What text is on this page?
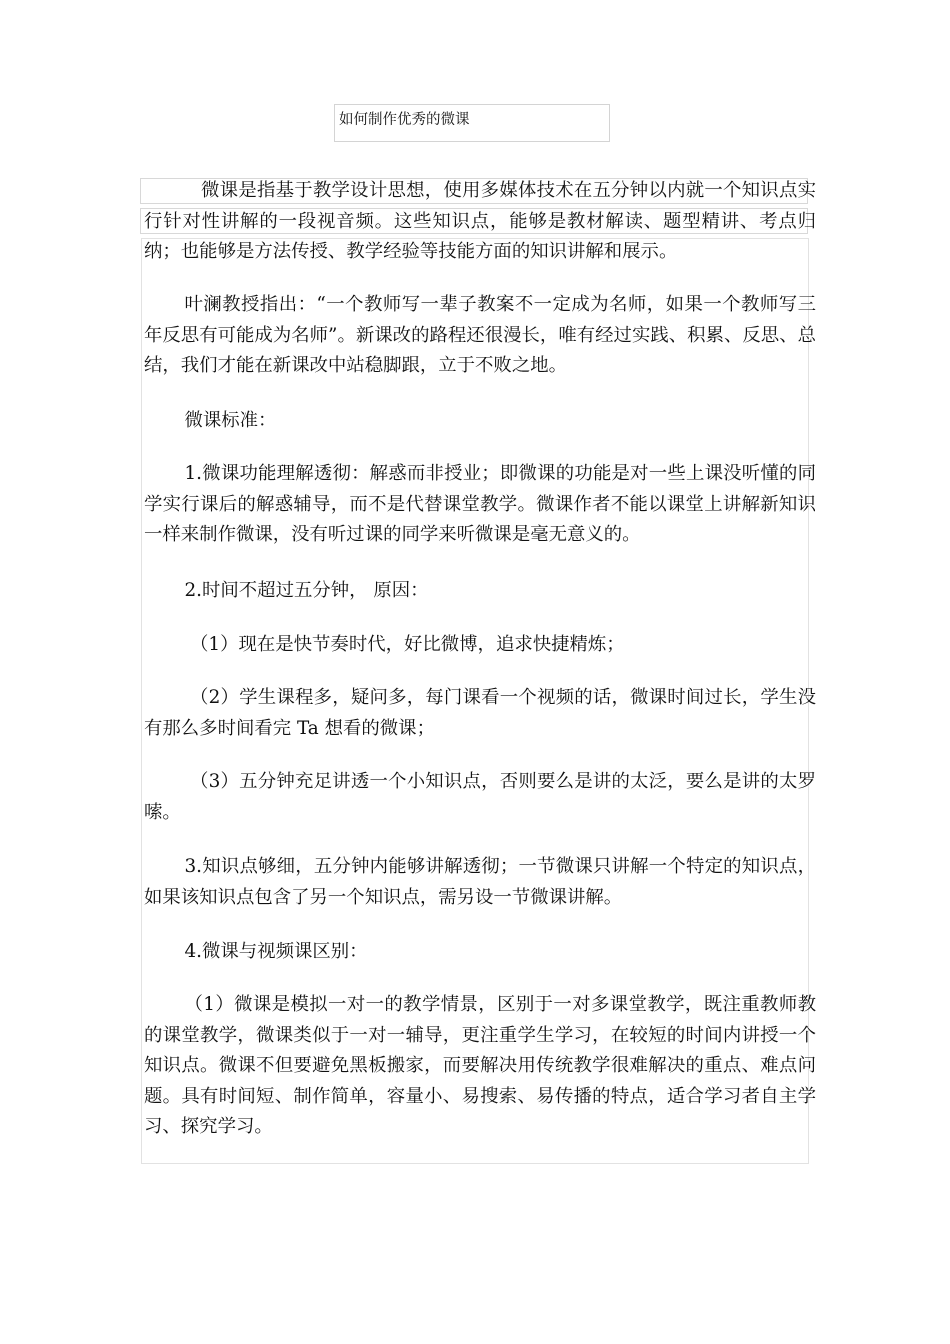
如何制作优秀的微课

微课是指基于教学设计思想，使用多媒体技术在五分钟以内就一个知识点实行针对性讲解的一段视音频。这些知识点，能够是教材解读、题型精讲、考点归纳；也能够是方法传授、教学经验等技能方面的知识讲解和展示。

叶澜教授指出：“一个教师写一辈子教案不一定成为名师，如果一个教师写三年反思有可能成为名师”。新课改的路程还很漫长，唯有经过实践、积累、反思、总结，我们才能在新课改中站稳脚跟，立于不败之地。

微课标准：

1.微课功能理解透彻：解惑而非授业；即微课的功能是对一些上课没听懂的同学实行课后的解惑辅导，而不是代替课堂教学。微课作者不能以课堂上讲解新知识一样来制作微课，没有听过课的同学来听微课是毫无意义的。

2.时间不超过五分钟， 原因：

（1）现在是快节奏时代，好比微博，追求快捷精炼；

（2）学生课程多，疑问多，每门课看一个视频的话，微课时间过长，学生没有那么多时间看完 Ta 想看的微课；

（3）五分钟充足讲透一个小知识点，否则要么是讲的太泛，要么是讲的太罗嗦。

3.知识点够细，五分钟内能够讲解透彻；一节微课只讲解一个特定的知识点，如果该知识点包含了另一个知识点，需另设一节微课讲解。

4.微课与视频课区别：

（1）微课是模拟一对一的教学情景，区别于一对多课堂教学，既注重教师教的课堂教学，微课类似于一对一辅导，更注重学生学习，在较短的时间内讲授一个知识点。微课不但要避免黑板搬家，而要解决用传统教学很难解决的重点、难点问题。具有时间短、制作简单，容量小、易搜索、易传播的特点，适合学习者自主学习、探究学习。
